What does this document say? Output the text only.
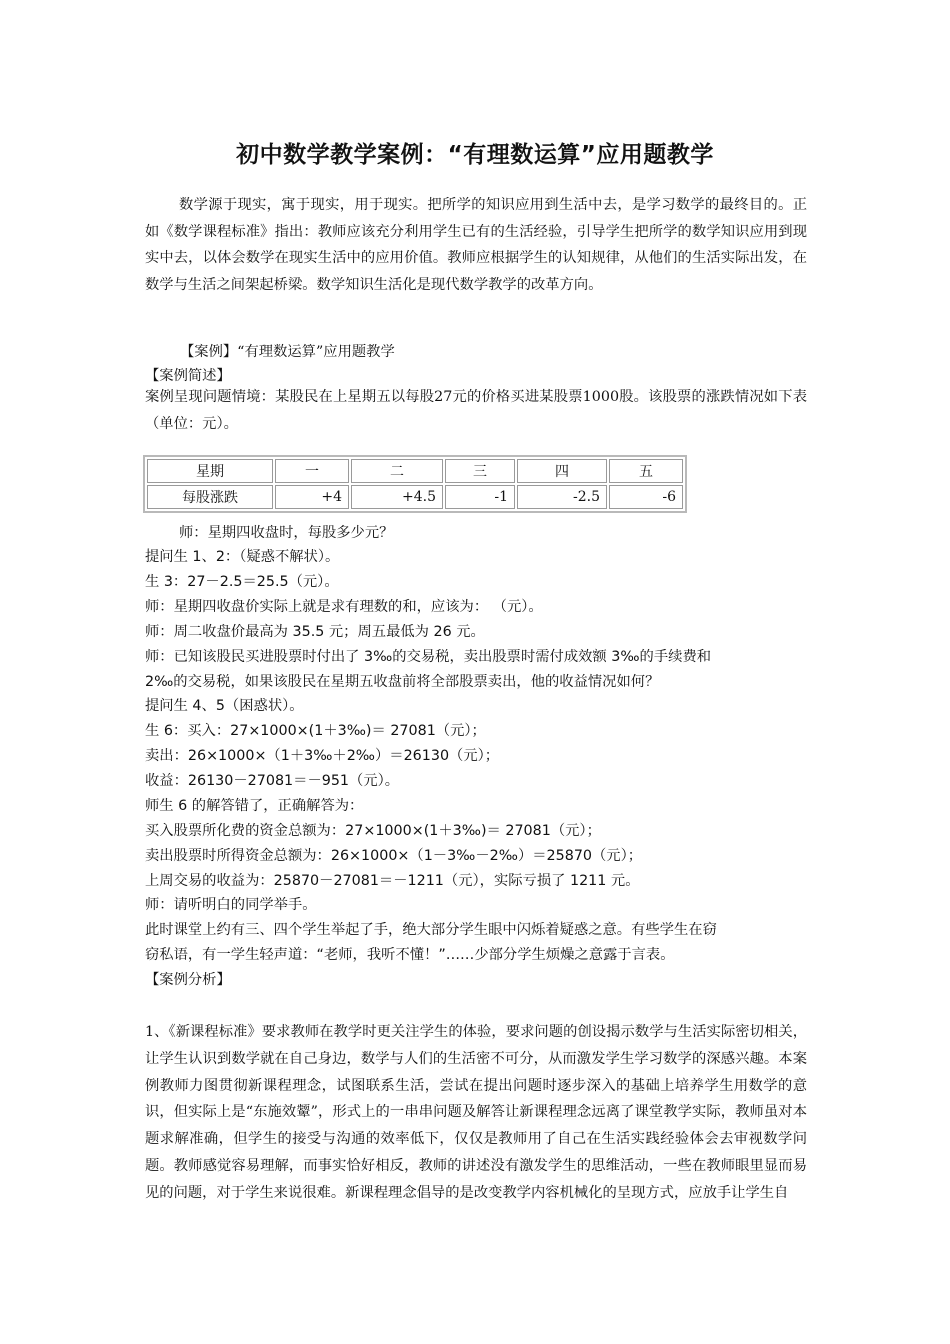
初中数学教学案例：“有理数运算”应用题教学

数学源于现实，寓于现实，用于现实。把所学的知识应用到生活中去，是学习数学的最终目的。正如《数学课程标准》指出：教师应该充分利用学生已有的生活经验，引导学生把所学的数学知识应用到现实中去，以体会数学在现实生活中的应用价值。教师应根据学生的认知规律，从他们的生活实际出发，在数学与生活之间架起桥梁。数学知识生活化是现代数学教学的改革方向。

【案例】“有理数运算”应用题教学
【案例简述】

案例呈现问题情境：某股民在上星期五以每股27元的价格买进某股票1000股。该股票的涨跌情况如下表（单位：元）。

星期	一	二	三	四	五
每股涨跌	+4	+4.5	-1	-2.5	-6
师：星期四收盘时，每股多少元？
提问生 1、2：（疑惑不解状）。
生 3：27－2.5＝25.5（元）。
师：星期四收盘价实际上就是求有理数的和，应该为： （元）。
师：周二收盘价最高为 35.5 元；周五最低为 26 元。
师：已知该股民买进股票时付出了 3‰的交易税，卖出股票时需付成效额 3‰的手续费和
2‰的交易税，如果该股民在星期五收盘前将全部股票卖出，他的收益情况如何？
提问生 4、5（困惑状）。
生 6：买入：27×1000×(1＋3‰)＝ 27081（元）；
卖出：26×1000×（1＋3‰＋2‰）＝26130（元）；
收益：26130－27081＝－951（元）。
师生 6 的解答错了，正确解答为：
买入股票所化费的资金总额为：27×1000×(1＋3‰)＝ 27081（元）；
卖出股票时所得资金总额为：26×1000×（1－3‰－2‰）＝25870（元）；
上周交易的收益为：25870－27081＝－1211（元），实际亏损了 1211 元。
师：请听明白的同学举手。
此时课堂上约有三、四个学生举起了手，绝大部分学生眼中闪烁着疑惑之意。有些学生在窃
窃私语，有一学生轻声道：“老师，我听不懂！”……少部分学生烦燥之意露于言表。
【案例分析】

1、《新课程标准》要求教师在教学时更关注学生的体验，要求问题的创设揭示数学与生活实际密切相关，让学生认识到数学就在自己身边，数学与人们的生活密不可分，从而激发学生学习数学的深感兴趣。本案例教师力图贯彻新课程理念，试图联系生活，尝试在提出问题时逐步深入的基础上培养学生用数学的意识，但实际上是“东施效颦”，形式上的一串串问题及解答让新课程理念远离了课堂教学实际，教师虽对本题求解准确，但学生的接受与沟通的效率低下，仅仅是教师用了自己在生活实践经验体会去审视数学问题。教师感觉容易理解，而事实恰好相反，教师的讲述没有激发学生的思维活动，一些在教师眼里显而易见的问题，对于学生来说很难。新课程理念倡导的是改变教学内容机械化的呈现方式，应放手让学生自
